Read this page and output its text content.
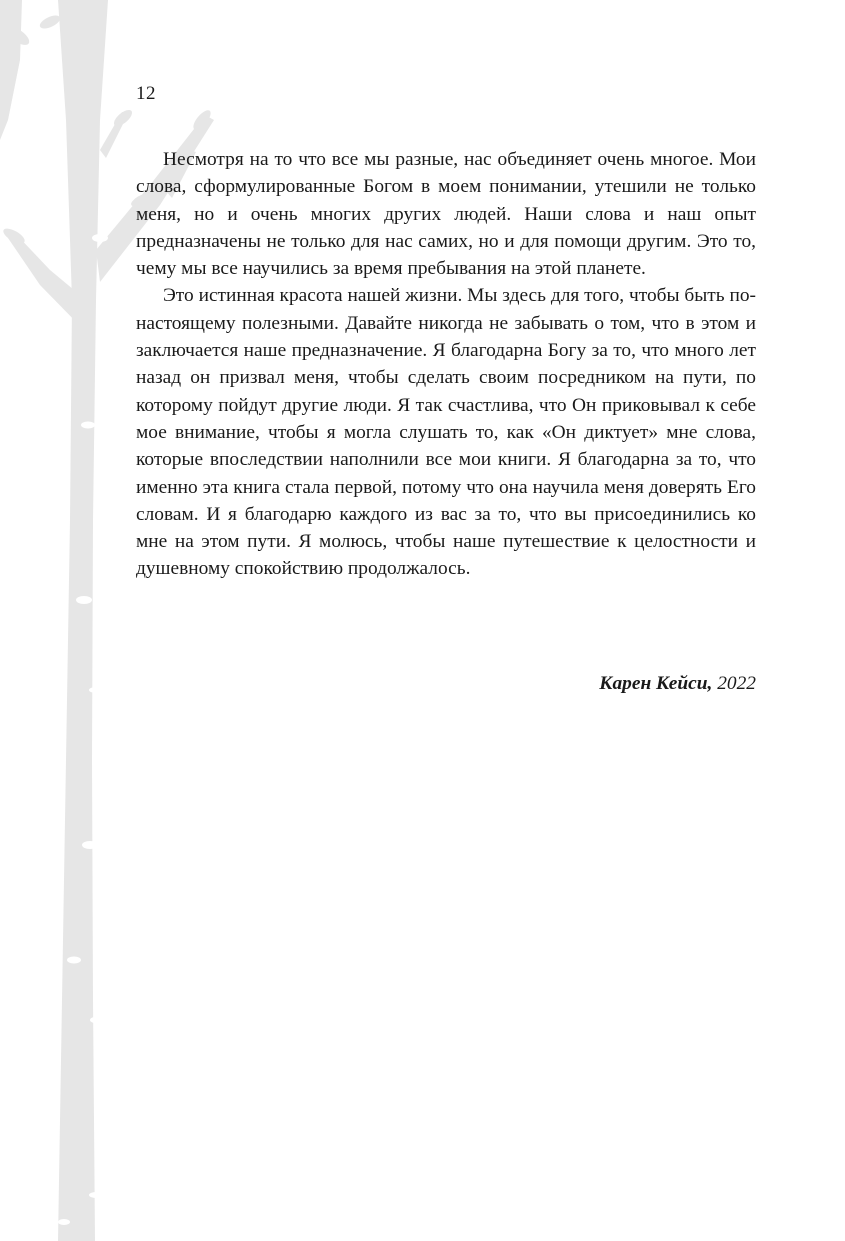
12

Несмотря на то что все мы разные, нас объединяет очень многое. Мои слова, сформулированные Богом в моем понимании, утешили не только меня, но и очень многих других людей. Наши слова и наш опыт предназначены не только для нас самих, но и для помощи другим. Это то, чему мы все научились за время пребывания на этой планете.

Это истинная красота нашей жизни. Мы здесь для того, чтобы быть по-настоящему полезными. Давайте никогда не забывать о том, что в этом и заключается наше предназначение. Я благодарна Богу за то, что много лет назад он призвал меня, чтобы сделать своим посредником на пути, по которому пойдут другие люди. Я так счастлива, что Он приковывал к себе мое внимание, чтобы я могла слушать то, как «Он диктует» мне слова, которые впоследствии наполнили все мои книги. Я благодарна за то, что именно эта книга стала первой, потому что она научила меня доверять Его словам. И я благодарю каждого из вас за то, что вы присоединились ко мне на этом пути. Я молюсь, чтобы наше путешествие к целостности и душевному спокойствию продолжалось.

Карен Кейси, 2022
